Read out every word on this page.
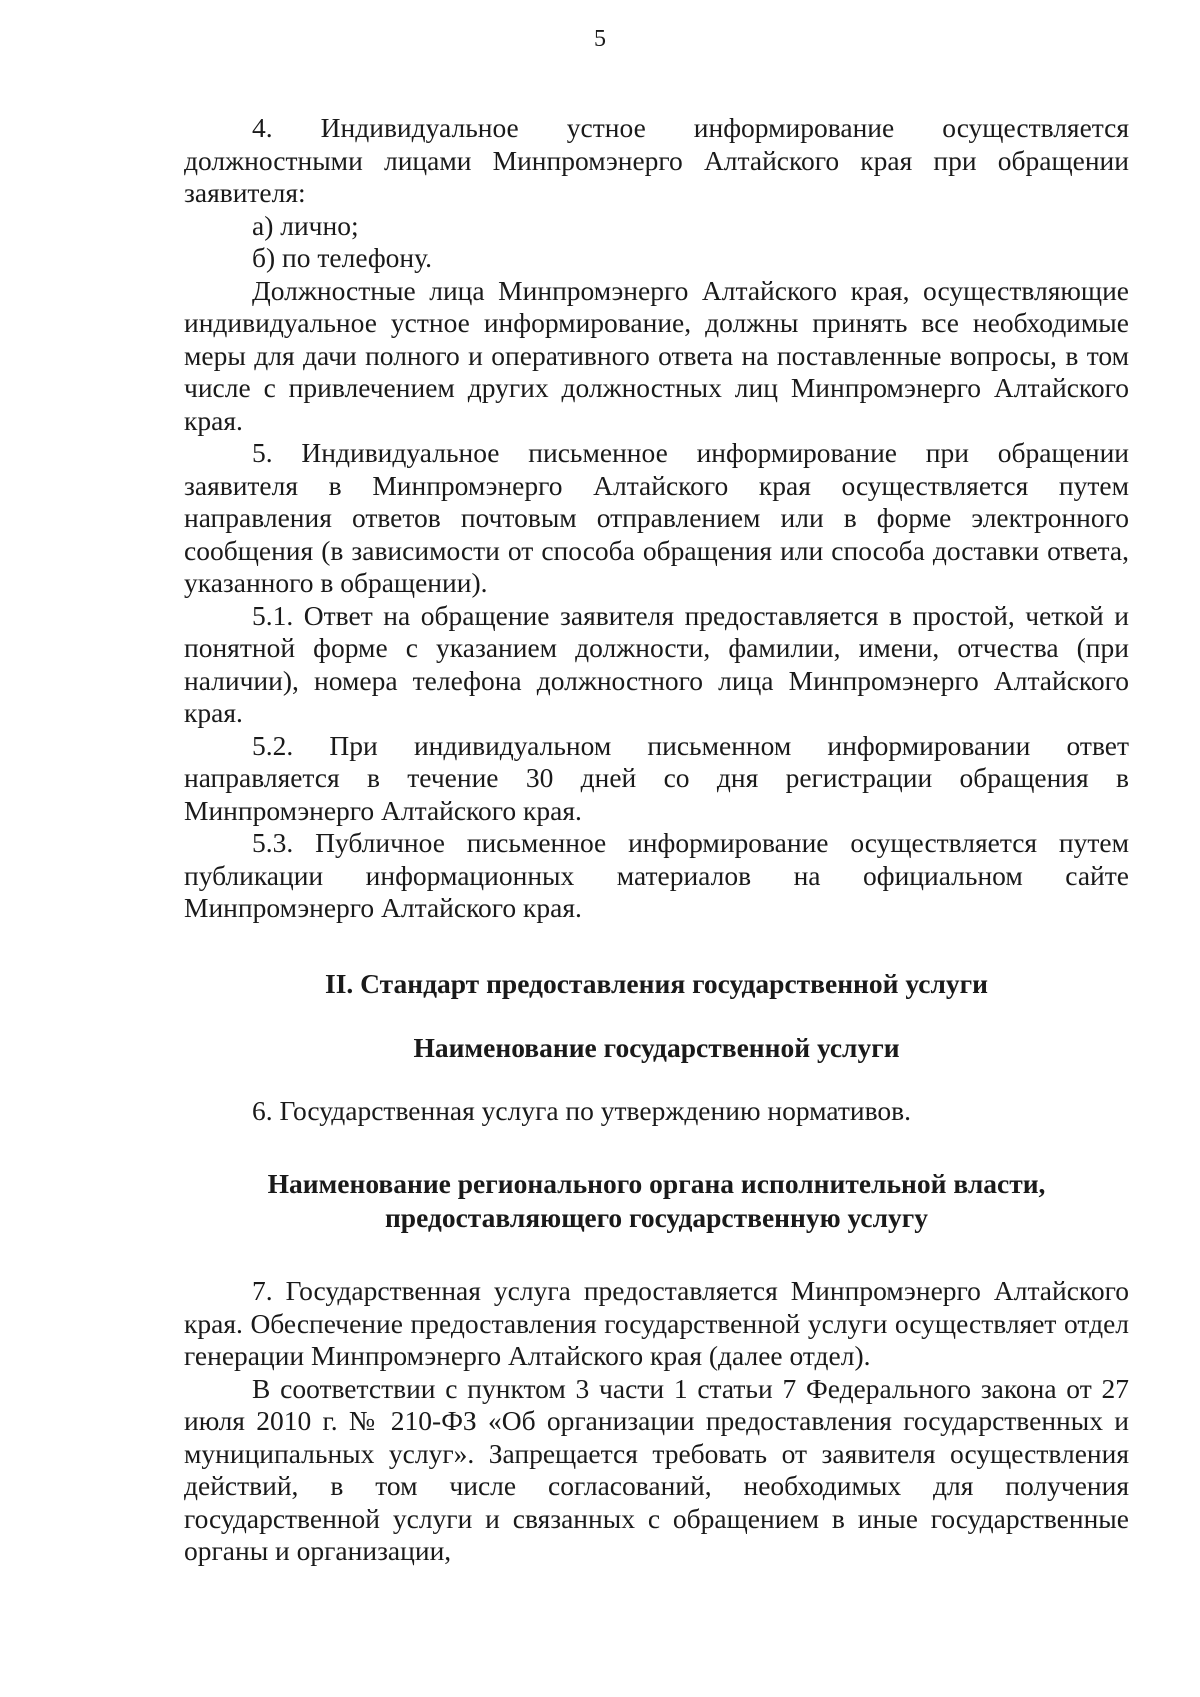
5

4. Индивидуальное устное информирование осуществляется должностными лицами Минпромэнерго Алтайского края при обращении заявителя:

а) лично;

б) по телефону.

Должностные лица Минпромэнерго Алтайского края, осуществляющие индивидуальное устное информирование, должны принять все необходимые меры для дачи полного и оперативного ответа на поставленные вопросы, в том числе с привлечением других должностных лиц Минпромэнерго Алтайского края.

5. Индивидуальное письменное информирование при обращении заявителя в Минпромэнерго Алтайского края осуществляется путем направления ответов почтовым отправлением или в форме электронного сообщения (в зависимости от способа обращения или способа доставки ответа, указанного в обращении).

5.1. Ответ на обращение заявителя предоставляется в простой, четкой и понятной форме с указанием должности, фамилии, имени, отчества (при наличии), номера телефона должностного лица Минпромэнерго Алтайского края.

5.2. При индивидуальном письменном информировании ответ направляется в течение 30 дней со дня регистрации обращения в Минпромэнерго Алтайского края.

5.3. Публичное письменное информирование осуществляется путем публикации информационных материалов на официальном сайте Минпромэнерго Алтайского края.

II. Стандарт предоставления государственной услуги
Наименование государственной услуги

6. Государственная услуга по утверждению нормативов.

Наименование регионального органа исполнительной власти,
предоставляющего государственную услугу

7. Государственная услуга предоставляется Минпромэнерго Алтайского края. Обеспечение предоставления государственной услуги осуществляет отдел генерации Минпромэнерго Алтайского края (далее отдел).

В соответствии с пунктом 3 части 1 статьи 7 Федерального закона от 27 июля 2010 г. № 210-ФЗ «Об организации предоставления государственных и муниципальных услуг». Запрещается требовать от заявителя осуществления действий, в том числе согласований, необходимых для получения государственной услуги и связанных с обращением в иные государственные органы и организации,
